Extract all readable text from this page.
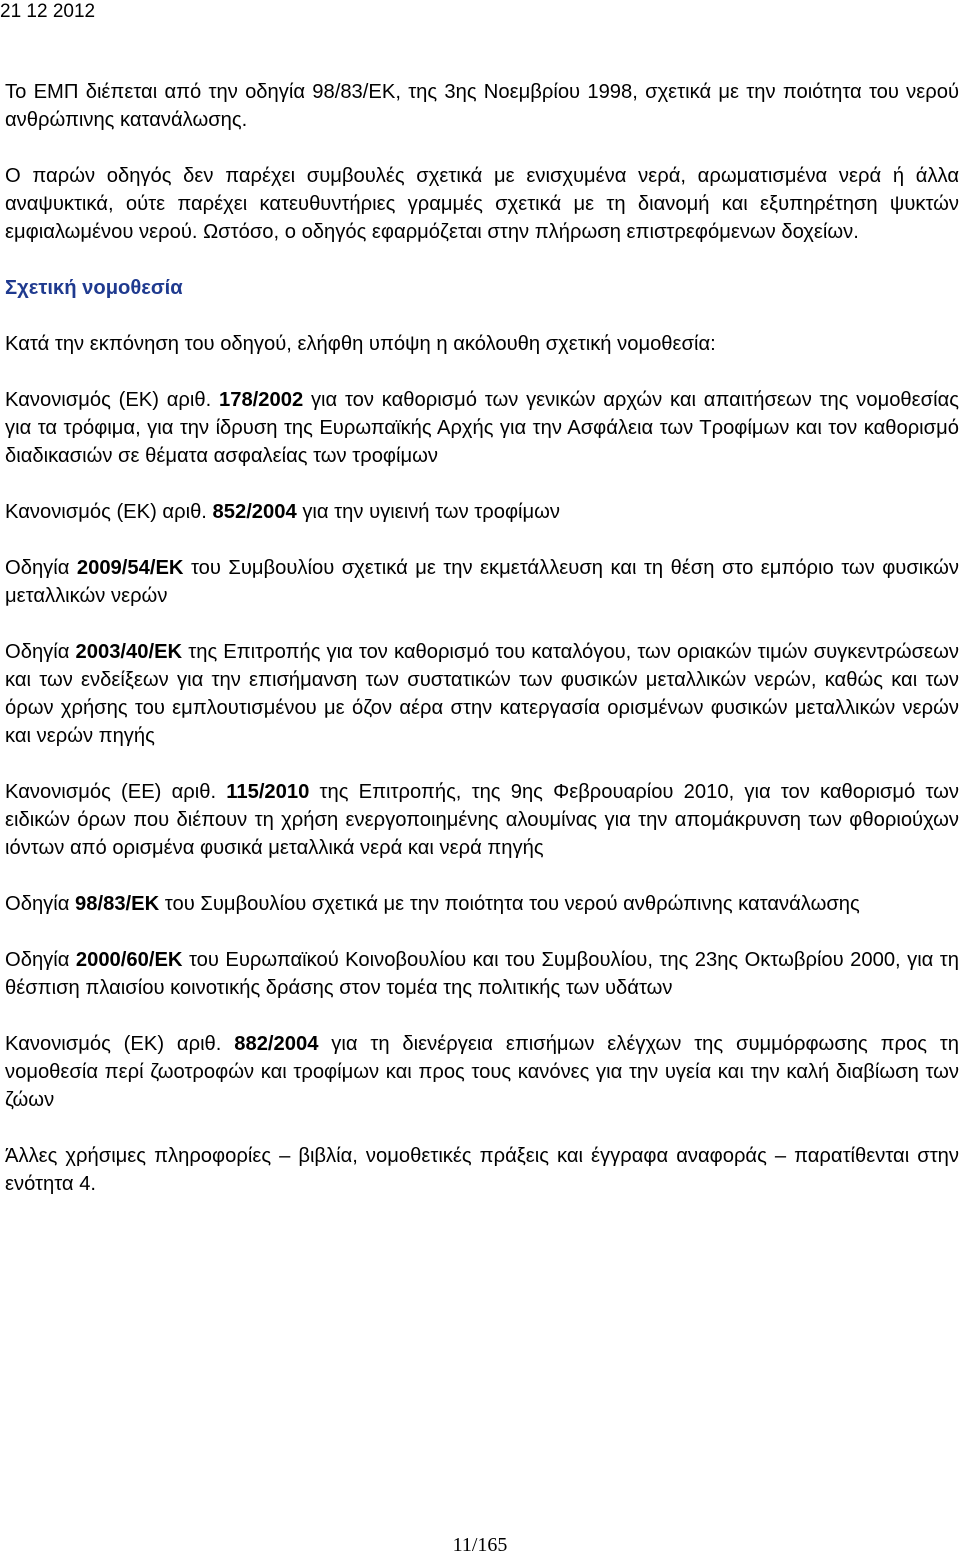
21 12 2012

Το ΕΜΠ διέπεται από την οδηγία 98/83/ΕΚ, της 3ης Νοεμβρίου 1998, σχετικά με την ποιότητα του νερού ανθρώπινης κατανάλωσης.

Ο παρών οδηγός δεν παρέχει συμβουλές σχετικά με ενισχυμένα νερά, αρωματισμένα νερά ή άλλα αναψυκτικά, ούτε παρέχει κατευθυντήριες γραμμές σχετικά με τη διανομή και εξυπηρέτηση ψυκτών εμφιαλωμένου νερού. Ωστόσο, ο οδηγός εφαρμόζεται στην πλήρωση επιστρεφόμενων δοχείων.

Σχετική νομοθεσία

Κατά την εκπόνηση του οδηγού, ελήφθη υπόψη η ακόλουθη σχετική νομοθεσία:

Κανονισμός (ΕΚ) αριθ. 178/2002 για τον καθορισμό των γενικών αρχών και απαιτήσεων της νομοθεσίας για τα τρόφιμα, για την ίδρυση της Ευρωπαϊκής Αρχής για την Ασφάλεια των Τροφίμων και τον καθορισμό διαδικασιών σε θέματα ασφαλείας των τροφίμων

Κανονισμός (ΕΚ) αριθ. 852/2004 για την υγιεινή των τροφίμων

Οδηγία 2009/54/ΕΚ του Συμβουλίου σχετικά με την εκμετάλλευση και τη θέση στο εμπόριο των φυσικών μεταλλικών νερών

Οδηγία 2003/40/ΕΚ της Επιτροπής για τον καθορισμό του καταλόγου, των οριακών τιμών συγκεντρώσεων και των ενδείξεων για την επισήμανση των συστατικών των φυσικών μεταλλικών νερών, καθώς και των όρων χρήσης του εμπλουτισμένου με όζον αέρα στην κατεργασία ορισμένων φυσικών μεταλλικών νερών και νερών πηγής

Κανονισμός (ΕΕ) αριθ. 115/2010 της Επιτροπής, της 9ης Φεβρουαρίου 2010, για τον καθορισμό των ειδικών όρων που διέπουν τη χρήση ενεργοποιημένης αλουμίνας για την απομάκρυνση των φθοριούχων ιόντων από ορισμένα φυσικά μεταλλικά νερά και νερά πηγής

Οδηγία 98/83/ΕΚ του Συμβουλίου σχετικά με την ποιότητα του νερού ανθρώπινης κατανάλωσης

Οδηγία 2000/60/ΕΚ του Ευρωπαϊκού Κοινοβουλίου και του Συμβουλίου, της 23ης Οκτωβρίου 2000, για τη θέσπιση πλαισίου κοινοτικής δράσης στον τομέα της πολιτικής των υδάτων

Κανονισμός (ΕΚ) αριθ. 882/2004 για τη διενέργεια επισήμων ελέγχων της συμμόρφωσης προς τη νομοθεσία περί ζωοτροφών και τροφίμων και προς τους κανόνες για την υγεία και την καλή διαβίωση των ζώων

Άλλες χρήσιμες πληροφορίες – βιβλία, νομοθετικές πράξεις και έγγραφα αναφοράς – παρατίθενται στην ενότητα 4.

11/165
